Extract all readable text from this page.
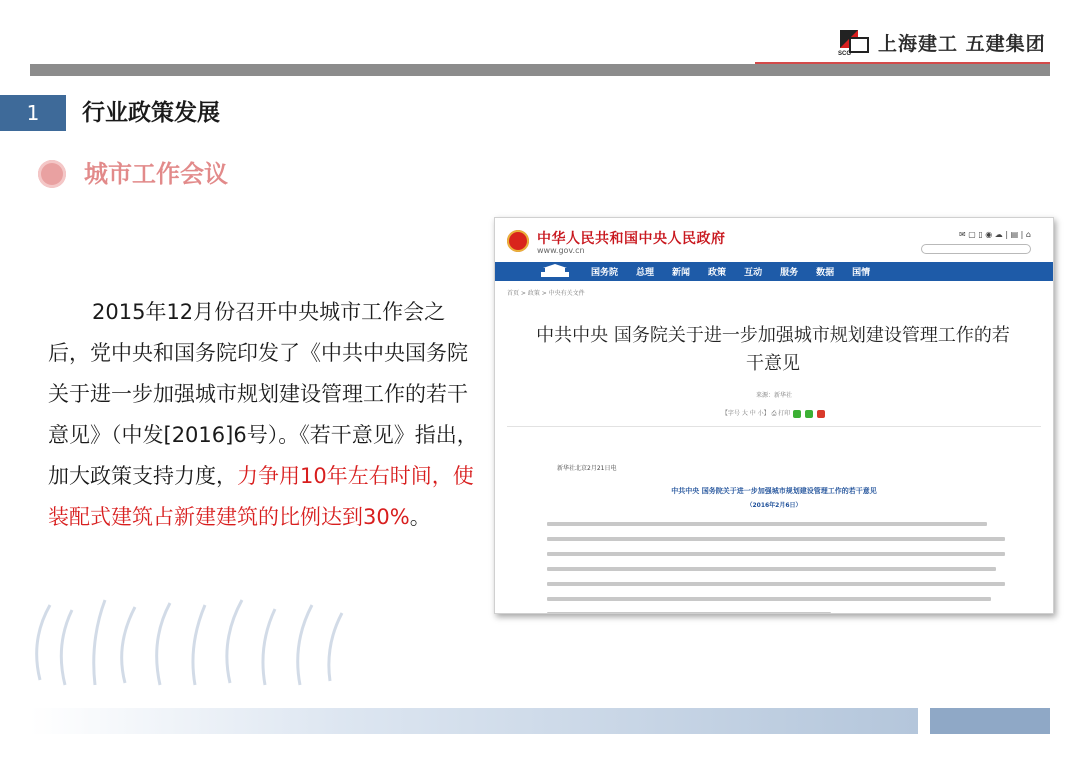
SCG 上海建工 五建集团
1	行业政策发展
城市工作会议
2015年12月份召开中央城市工作会之后，党中央和国务院印发了《中共中央国务院关于进一步加强城市规划建设管理工作的若干意见》（中发[2016]6号）。《若干意见》指出，加大政策支持力度，力争用10年左右时间，使装配式建筑占新建建筑的比例达到30%。
中华人民共和国中央人民政府
www.gov.cn
✉ ▢ ▯ ◉ ☁ | ▤ | ⌂
国务院 总理 新闻 政策 互动 服务 数据 国情
首页 > 政策 > 中央有关文件
中共中央 国务院关于进一步加强城市规划建设管理工作的若干意见
来源：新华社
【字号 大 中 小】 ⎙ 打印
新华社北京2月21日电
中共中央 国务院关于进一步加强城市规划建设管理工作的若干意见
（2016年2月6日）
